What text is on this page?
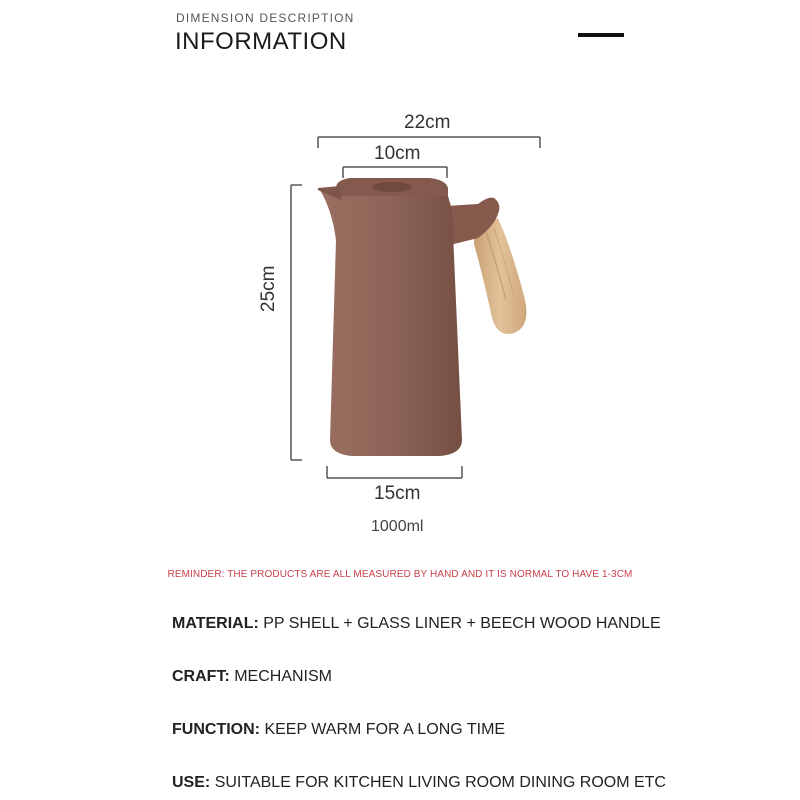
DIMENSION DESCRIPTION
INFORMATION
22cm
10cm
25cm
15cm
1000ml
REMINDER: THE PRODUCTS ARE ALL MEASURED BY HAND AND IT IS NORMAL TO HAVE 1-3CM
MATERIAL: PP SHELL + GLASS LINER + BEECH WOOD HANDLE
CRAFT: MECHANISM
FUNCTION: KEEP WARM FOR A LONG TIME
USE: SUITABLE FOR KITCHEN LIVING ROOM DINING ROOM ETC
